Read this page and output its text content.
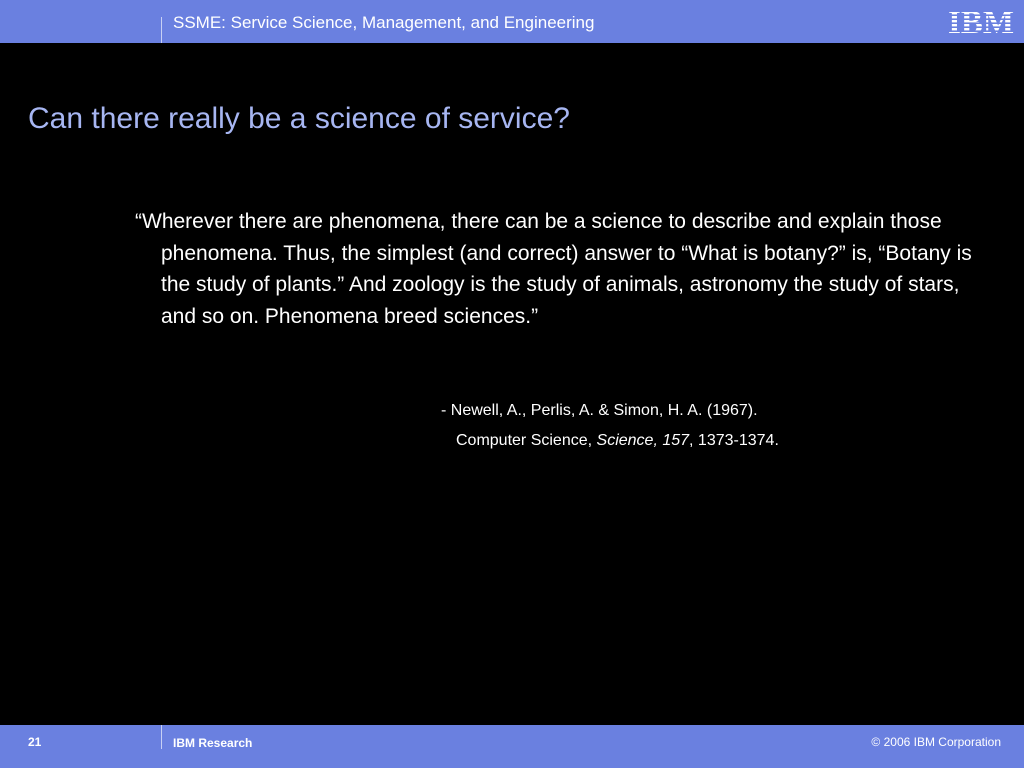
SSME: Service Science, Management, and Engineering
Can there really be a science of service?
“Wherever there are phenomena, there can be a science to describe and explain those phenomena. Thus, the simplest (and correct) answer to “What is botany?” is, “Botany is the study of plants.” And zoology is the study of animals, astronomy the study of stars, and so on. Phenomena breed sciences.”
- Newell, A., Perlis, A. & Simon, H. A. (1967).
Computer Science, Science, 157, 1373-1374.
21	IBM Research	© 2006 IBM Corporation
